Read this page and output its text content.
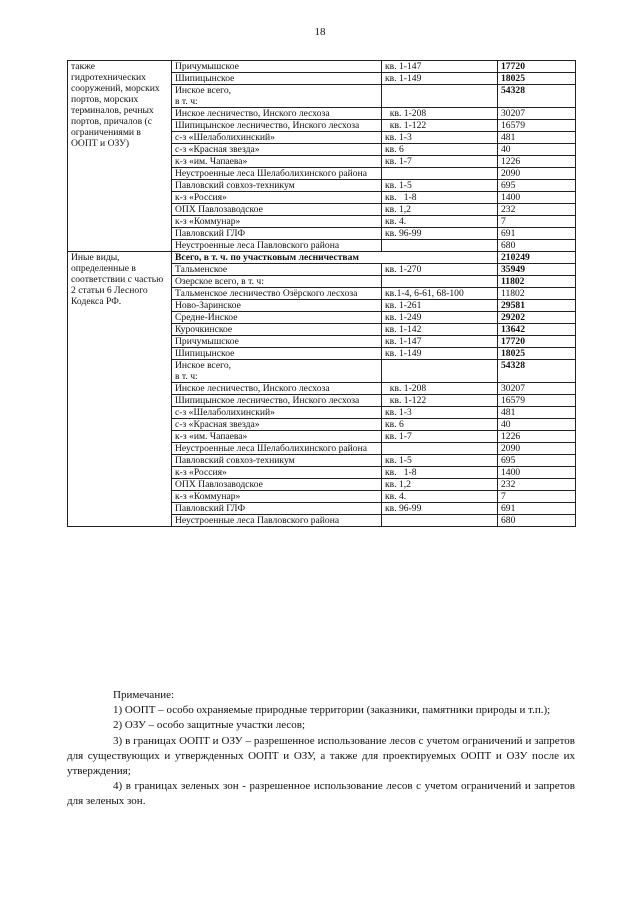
18
также гидротехнических сооружений, морских портов, морских терминалов, речных портов, причалов (с ограничениями в ООПТ и ОЗУ)	Причумышское	кв. 1-147	17720
	Шипицынское	кв. 1-149	18025
	Инское всего,
в т. ч:		54328
	Инское лесничество, Инского лесхоза	кв. 1-208	30207
	Шипицынское лесничество, Инского лесхоза	кв. 1-122	16579
	с-з «Шелаболихинский»	кв. 1-3	481
	с-з «Красная звезда»	кв. 6	40
	к-з «им. Чапаева»	кв. 1-7	1226
	Неустроенные леса Шелаболихинского района		2090
	Павловский совхоз-техникум	кв. 1-5	695
	к-з «Россия»	кв.   1-8	1400
	ОПХ Павлозаводское	кв. 1,2	232
	к-з «Коммунар»	кв. 4.	7
	Павловский ГЛФ	кв. 96-99	691
	Неустроенные леса Павловского района		680
Иные виды, определенные в соответствии с частью 2 статьи 6 Лесного Кодекса РФ.	Всего, в т. ч. по участковым лесничествам		210249
	Тальменское	кв. 1-270	35949
	Озерское всего, в т. ч:		11802
	Тальменское лесничество Озёрского лесхоза	кв.1-4, 6-61, 68-100	11802
	Ново-Заринское	кв. 1-261	29581
	Средне-Инское	кв. 1-249	29202
	Курочкинское	кв. 1-142	13642
	Причумышское	кв. 1-147	17720
	Шипицынское	кв. 1-149	18025
	Инское всего,
в т. ч:		54328
	Инское лесничество, Инского лесхоза	кв. 1-208	30207
	Шипицынское лесничество, Инского лесхоза	кв. 1-122	16579
	с-з «Шелаболихинский»	кв. 1-3	481
	с-з «Красная звезда»	кв. 6	40
	к-з «им. Чапаева»	кв. 1-7	1226
	Неустроенные леса Шелаболихинского района		2090
	Павловский совхоз-техникум	кв. 1-5	695
	к-з «Россия»	кв.   1-8	1400
	ОПХ Павлозаводское	кв. 1,2	232
	к-з «Коммунар»	кв. 4.	7
	Павловский ГЛФ	кв. 96-99	691
	Неустроенные леса Павловского района		680

Примечание:

1) ООПТ – особо охраняемые природные территории (заказники, памятники природы и т.п.);

2) ОЗУ – особо защитные участки лесов;

3) в границах ООПТ и ОЗУ – разрешенное использование лесов с учетом ограничений и запретов для существующих и утвержденных ООПТ и ОЗУ, а также для проектируемых ООПТ и ОЗУ после их утверждения;

4) в границах зеленых зон - разрешенное использование лесов с учетом ограничений и запретов для зеленых зон.
